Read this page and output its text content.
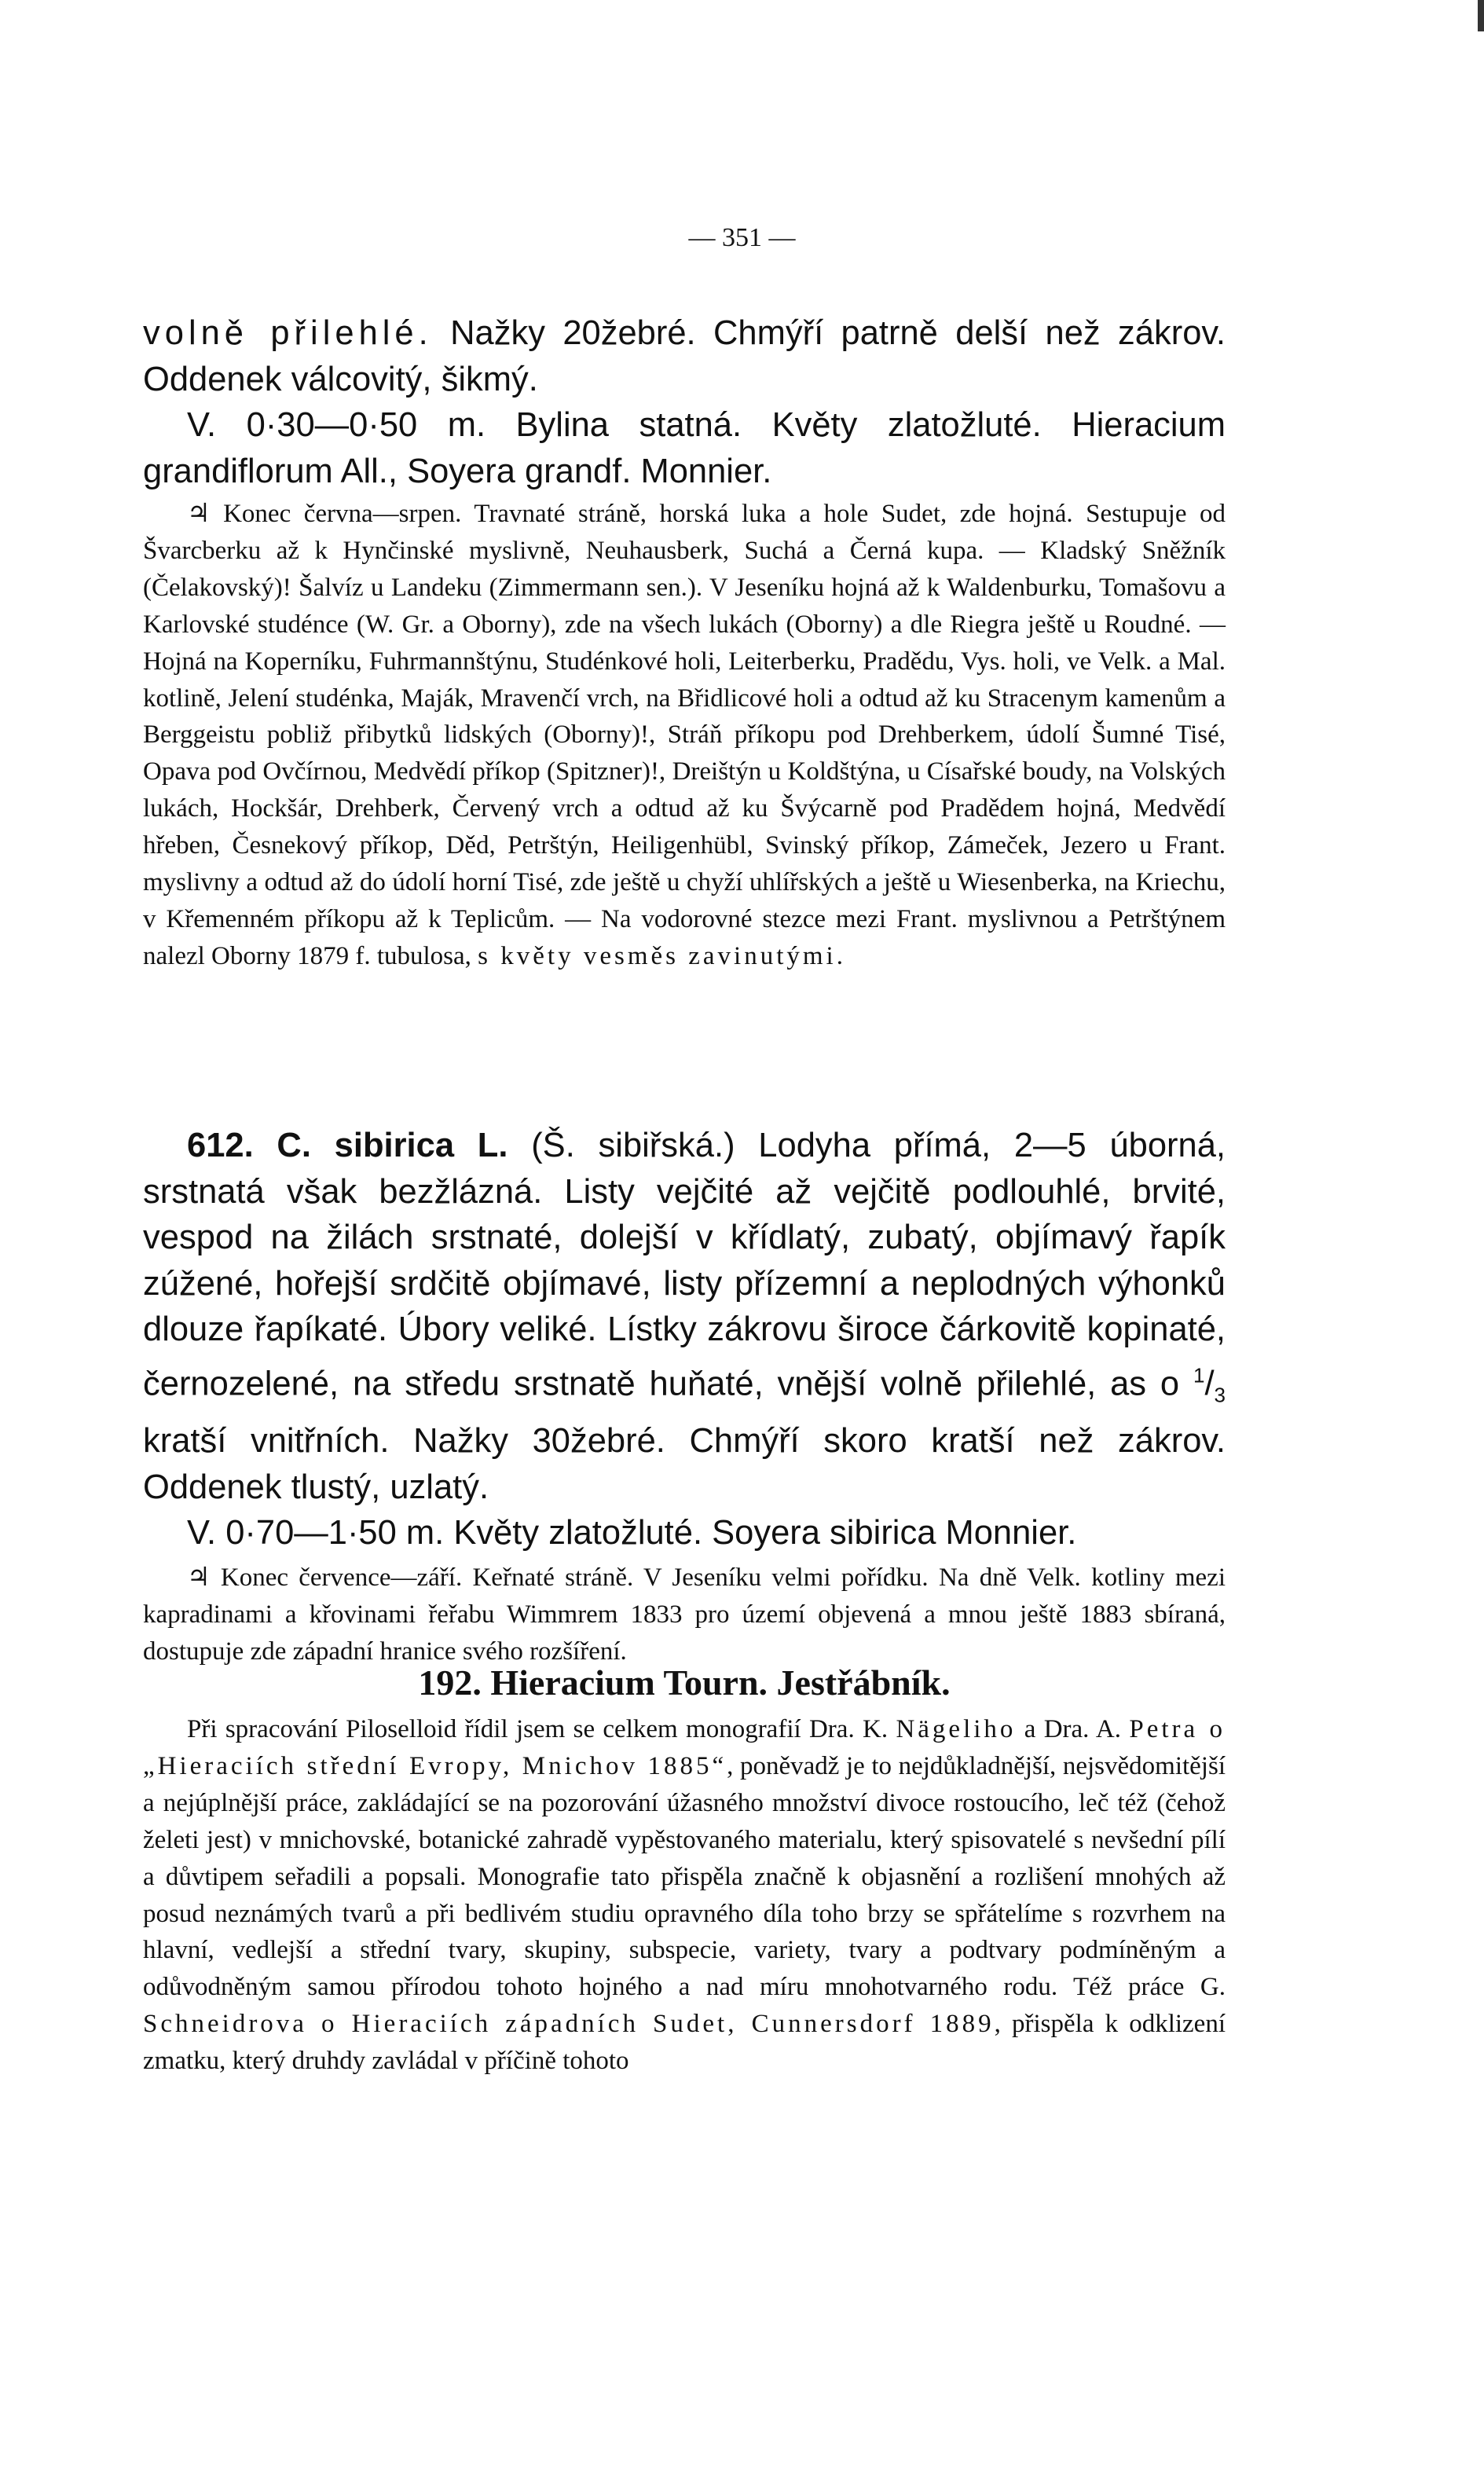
— 351 —

volně přilehlé. Nažky 20žebré. Chmýří patrně delší než zákrov. Oddenek válcovitý, šikmý.

V. 0·30—0·50 m. Bylina statná. Květy zlatožluté. Hieracium grandiflorum All., Soyera grandf. Monnier.

♃ Konec června—srpen. Travnaté stráně, horská luka a hole Sudet, zde hojná. Sestupuje od Švarcberku až k Hynčinské myslivně, Neuhausberk, Suchá a Černá kupa. — Kladský Sněžník (Čelakovský)! Šalvíz u Landeku (Zimmermann sen.). V Jeseníku hojná až k Waldenburku, Tomašovu a Karlovské studénce (W. Gr. a Oborny), zde na všech lukách (Oborny) a dle Riegra ještě u Roudné. — Hojná na Koperníku, Fuhrmannštýnu, Studénkové holi, Leiterberku, Pradědu, Vys. holi, ve Velk. a Mal. kotlině, Jelení studénka, Maják, Mravenčí vrch, na Břidlicové holi a odtud až ku Stracenym kamenům a Berggeistu pobliž přibytků lidských (Oborny)!, Stráň příkopu pod Drehberkem, údolí Šumné Tisé, Opava pod Ovčírnou, Medvědí příkop (Spitzner)!, Dreištýn u Koldštýna, u Císařské boudy, na Volských lukách, Hockšár, Drehberk, Červený vrch a odtud až ku Švýcarně pod Pradědem hojná, Medvědí hřeben, Česnekový příkop, Děd, Petrštýn, Heiligenhübl, Svinský příkop, Zámeček, Jezero u Frant. myslivny a odtud až do údolí horní Tisé, zde ještě u chyží uhlířských a ještě u Wiesenberka, na Kriechu, v Křemenném příkopu až k Teplicům. — Na vodorovné stezce mezi Frant. myslivnou a Petrštýnem nalezl Oborny 1879 f. tubulosa, s květy vesměs zavinutými.

612. C. sibirica L. (Š. sibiřská.) Lodyha přímá, 2—5 úborná, srstnatá však bezžlázná. Listy vejčité až vejčitě podlouhlé, brvité, vespod na žilách srstnaté, dolejší v křídlatý, zubatý, objímavý řapík zúžené, hořejší srdčitě objímavé, listy přízemní a neplodných výhonků dlouze řapíkaté. Úbory veliké. Lístky zákrovu široce čárkovitě kopinaté, černozelené, na středu srstnatě huňaté, vnější volně přilehlé, as o $^1/_3$ kratší vnitřních. Nažky 30žebré. Chmýří skoro kratší než zákrov. Oddenek tlustý, uzlatý.

V. 0·70—1·50 m. Květy zlatožluté. Soyera sibirica Monnier.

♃ Konec července—září. Keřnaté stráně. V Jeseníku velmi pořídku. Na dně Velk. kotliny mezi kapradinami a křovinami řeřabu Wimmrem 1833 pro území objevená a mnou ještě 1883 sbíraná, dostupuje zde západní hranice svého rozšíření.

192. Hieracium Tourn. Jestřábník.

Při spracování Piloselloid řídil jsem se celkem monografií Dra. K. Nägeliho a Dra. A. Petra o „Hieraciích střední Evropy, Mnichov 1885“, poněvadž je to nejdůkladnější, nejsvědomitější a nejúplnější práce, zakládající se na pozorování úžasného množství divoce rostoucího, leč též (čehož želeti jest) v mnichovské, botanické zahradě vypěstovaného materialu, který spisovatelé s nevšední pílí a důvtipem seřadili a popsali. Monografie tato přispěla značně k objasnění a rozlišení mnohých až posud neznámých tvarů a při bedlivém studiu opravného díla toho brzy se spřátelíme s rozvrhem na hlavní, vedlejší a střední tvary, skupiny, subspecie, variety, tvary a podtvary podmíněným a odůvodněným samou přírodou tohoto hojného a nad míru mnohotvarného rodu. Též práce G. Schneidrova o Hieraciích západních Sudet, Cunnersdorf 1889, přispěla k odklizení zmatku, který druhdy zavládal v příčině tohoto
